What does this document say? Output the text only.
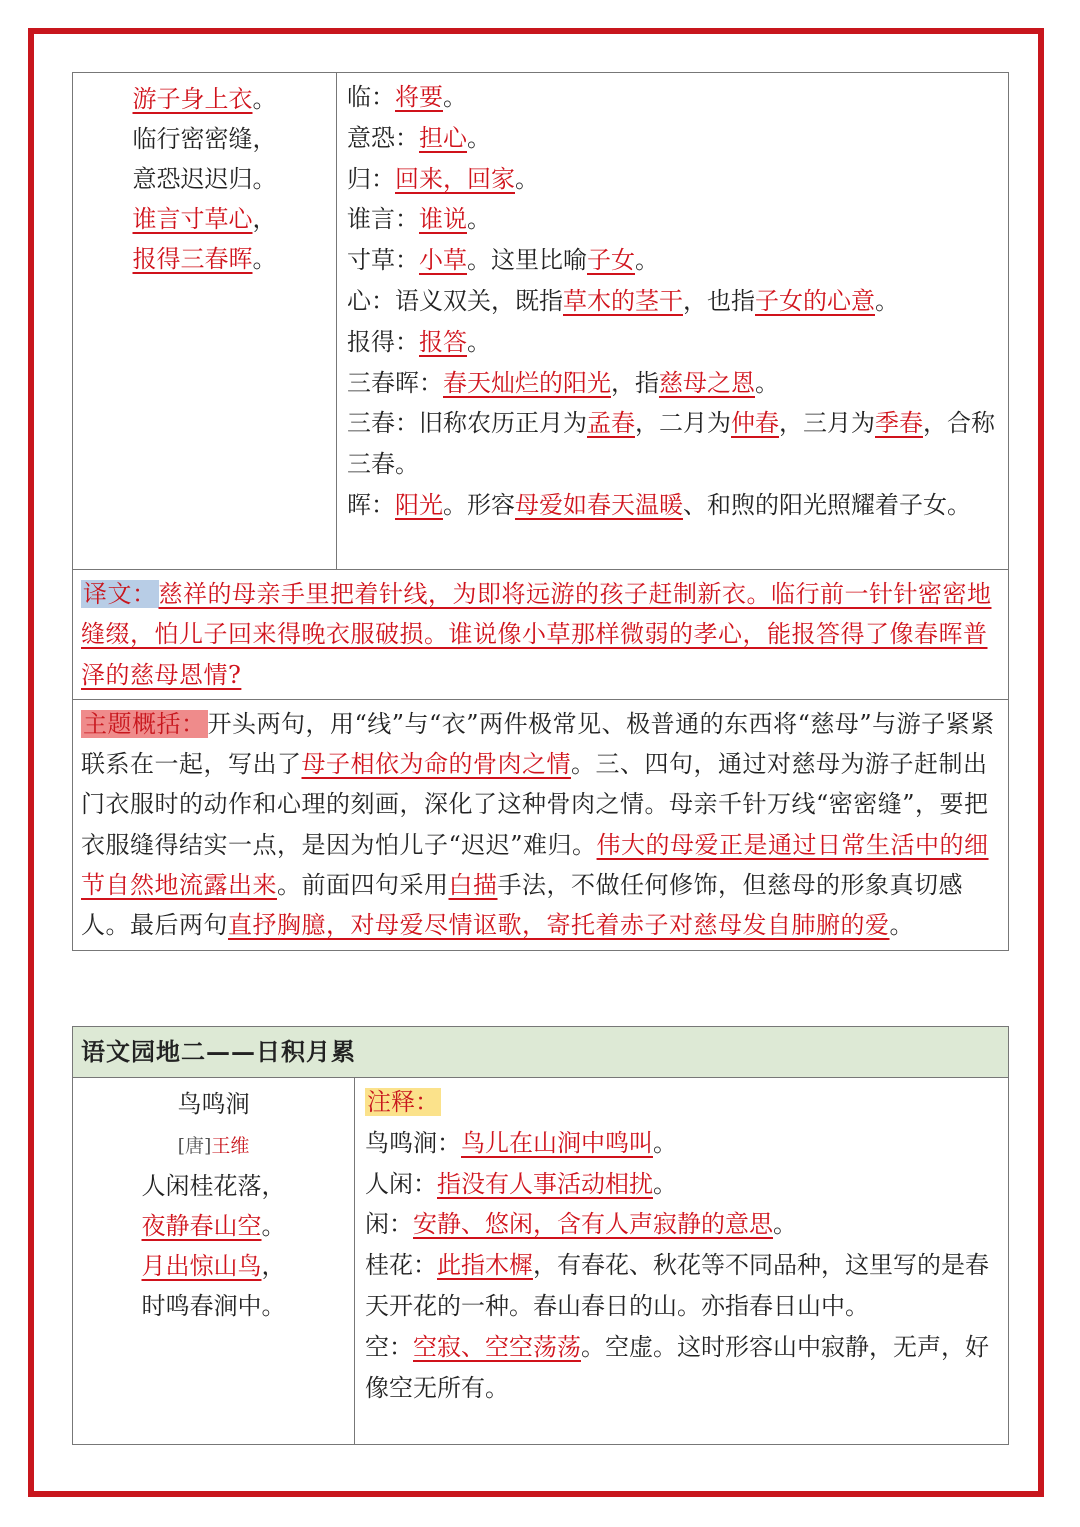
游子身上衣。
临行密密缝，
意恐迟迟归。
谁言寸草心，
报得三春晖。

临：将要。
意恐：担心。
归：回来，回家。
谁言：谁说。
寸草：小草。这里比喻子女。
心：语义双关，既指草木的茎干，也指子女的心意。
报得：报答。
三春晖：春天灿烂的阳光，指慈母之恩。
三春：旧称农历正月为孟春，二月为仲春，三月为季春，合称三春。
晖：阳光。形容母爱如春天温暖、和煦的阳光照耀着子女。

译文：慈祥的母亲手里把着针线，为即将远游的孩子赶制新衣。临行前一针针密密地缝缀，怕儿子回来得晚衣服破损。谁说像小草那样微弱的孝心，能报答得了像春晖普泽的慈母恩情?
主题概括：开头两句，用“线”与“衣”两件极常见、极普通的东西将“慈母”与游子紧紧联系在一起，写出了母子相依为命的骨肉之情。三、四句，通过对慈母为游子赶制出门衣服时的动作和心理的刻画，深化了这种骨肉之情。母亲千针万线“密密缝”，要把衣服缝得结实一点，是因为怕儿子“迟迟”难归。伟大的母爱正是通过日常生活中的细节自然地流露出来。前面四句采用白描手法，不做任何修饰，但慈母的形象真切感人。最后两句直抒胸臆，对母爱尽情讴歌，寄托着赤子对慈母发自肺腑的爱。
语文园地二——日积月累

鸟鸣涧
[唐]王维
人闲桂花落，
夜静春山空。
月出惊山鸟，
时鸣春涧中。

注释：
鸟鸣涧：鸟儿在山涧中鸣叫。
人闲：指没有人事活动相扰。
闲：安静、悠闲，含有人声寂静的意思。
桂花：此指木樨，有春花、秋花等不同品种，这里写的是春天开花的一种。春山春日的山。亦指春日山中。
空：空寂、空空荡荡。空虚。这时形容山中寂静，无声，好像空无所有。
